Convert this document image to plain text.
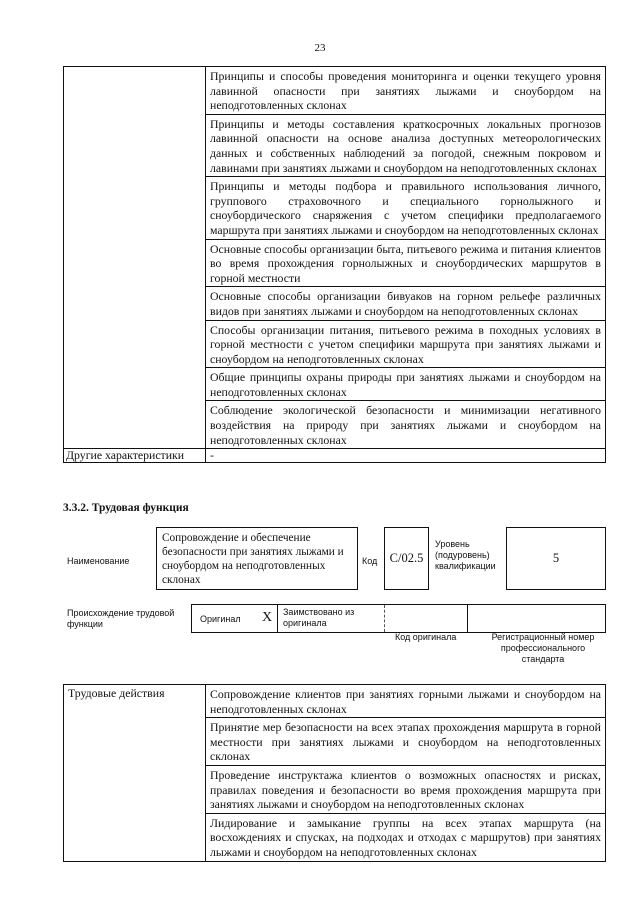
23
	Принципы и способы проведения мониторинга и оценки текущего уровня лавинной опасности при занятиях лыжами и сноубордом на неподготовленных склонах
	Принципы и методы составления краткосрочных локальных прогнозов лавинной опасности на основе анализа доступных метеорологических данных и собственных наблюдений за погодой, снежным покровом и лавинами при занятиях лыжами и сноубордом на неподготовленных склонах
	Принципы и методы подбора и правильного использования личного, группового страховочного и специального горнолыжного и сноубордического снаряжения с учетом специфики предполагаемого маршрута при занятиях лыжами и сноубордом на неподготовленных склонах
	Основные способы организации быта, питьевого режима и питания клиентов во время прохождения горнолыжных и сноубордических маршрутов в горной местности
	Основные способы организации бивуаков на горном рельефе различных видов при занятиях лыжами и сноубордом на неподготовленных склонах
	Способы организации питания, питьевого режима в походных условиях в горной местности с учетом специфики маршрута при занятиях лыжами и сноубордом на неподготовленных склонах
	Общие принципы охраны природы при занятиях лыжами и сноубордом на неподготовленных склонах
	Соблюдение экологической безопасности и минимизации негативного воздействия на природу при занятиях лыжами и сноубордом на неподготовленных склонах
Другие характеристики	-
3.3.2. Трудовая функция
Наименование
Сопровождение и обеспечение безопасности при занятиях лыжами и сноубордом на неподготовленных склонах
Код С/02.5
Уровень (подуровень) квалификации
5
Происхождение трудовой функции	Оригинал Х Заимствовано из оригинала
Код оригинала	Регистрационный номер профессионального стандарта
Трудовые действия	Сопровождение клиентов при занятиях горными лыжами и сноубордом на неподготовленных склонах
Принятие мер безопасности на всех этапах прохождения маршрута в горной местности при занятиях лыжами и сноубордом на неподготовленных склонах
Проведение инструктажа клиентов о возможных опасностях и рисках, правилах поведения и безопасности во время прохождения маршрута при занятиях лыжами и сноубордом на неподготовленных склонах
Лидирование и замыкание группы на всех этапах маршрута (на восхождениях и спусках, на подходах и отходах с маршрутов) при занятиях лыжами и сноубордом на неподготовленных склонах
